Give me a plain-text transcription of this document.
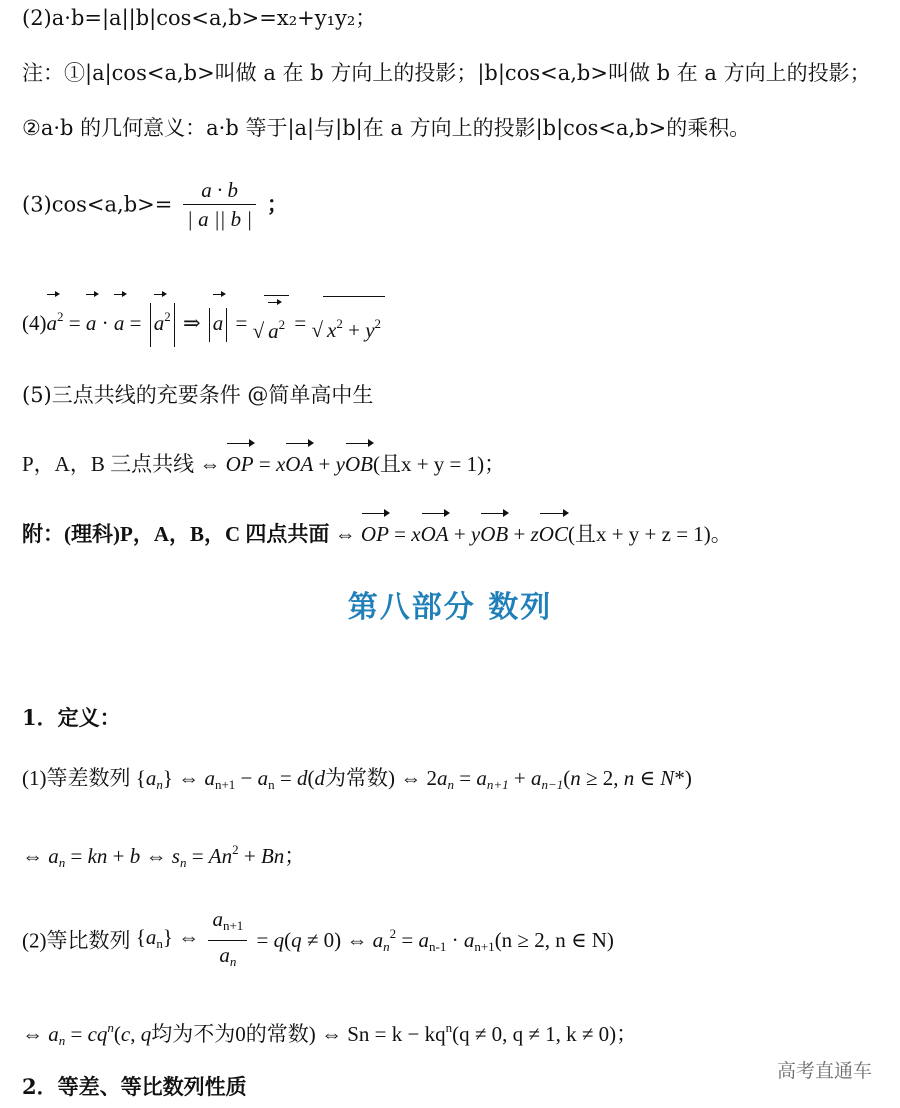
(2)a·b=|a||b|cos<a,b>=x₂+y₁y₂；
注：①|a|cos<a,b>叫做 a 在 b 方向上的投影；|b|cos<a,b>叫做 b 在 a 方向上的投影；
②a·b 的几何意义：a·b 等于|a|与|b|在 a 方向上的投影|b|cos<a,b>的乘积。
$(3)\cos<a,b>= \frac{a \cdot b}{| a || b |}$ ；
$(4)a^2 = a \cdot a = a^2$ ⇒ a = √ $a^2$ = √ $x^2 + y^2$
(5)三点共线的充要条件 @简单高中生
P，A，B 三点共线 ⇔ OP = xOA + yOB(且x + y = 1)；
附：(理科)P，A，B，C 四点共面 ⇔ OP = xOA + yOB + zOC(且x + y + z = 1)。
第八部分 数列
1．定义：
(1)等差数列 $\{a_n\}$ ⇔ $a_{n+1} - a_n = d(d$为常数) ⇔ $2a_n = a_{n+1} + a_{n-1}(n \ge 2$, n ∈ N*)
⇔ $a_n$ = kn + b ⇔ $s_n = An^2 + Bn$；
(2)等比数列 $\{a_n\}$ ⇔ $\frac{a_{n+1}}{a_n} = q(q \ne 0)$ ⇔ $a_n^2 = a_{n-1} \cdot a_{n+1}(n \ge 2$, n ∈ N)
⇔ $a_n = cq^n(c$, q均为不为0的常数) ⇔ $Sn = k - kq^n(q \ne 0$, q ≠ 1, k ≠ 0)；
2．等差、等比数列性质
高考直通车
